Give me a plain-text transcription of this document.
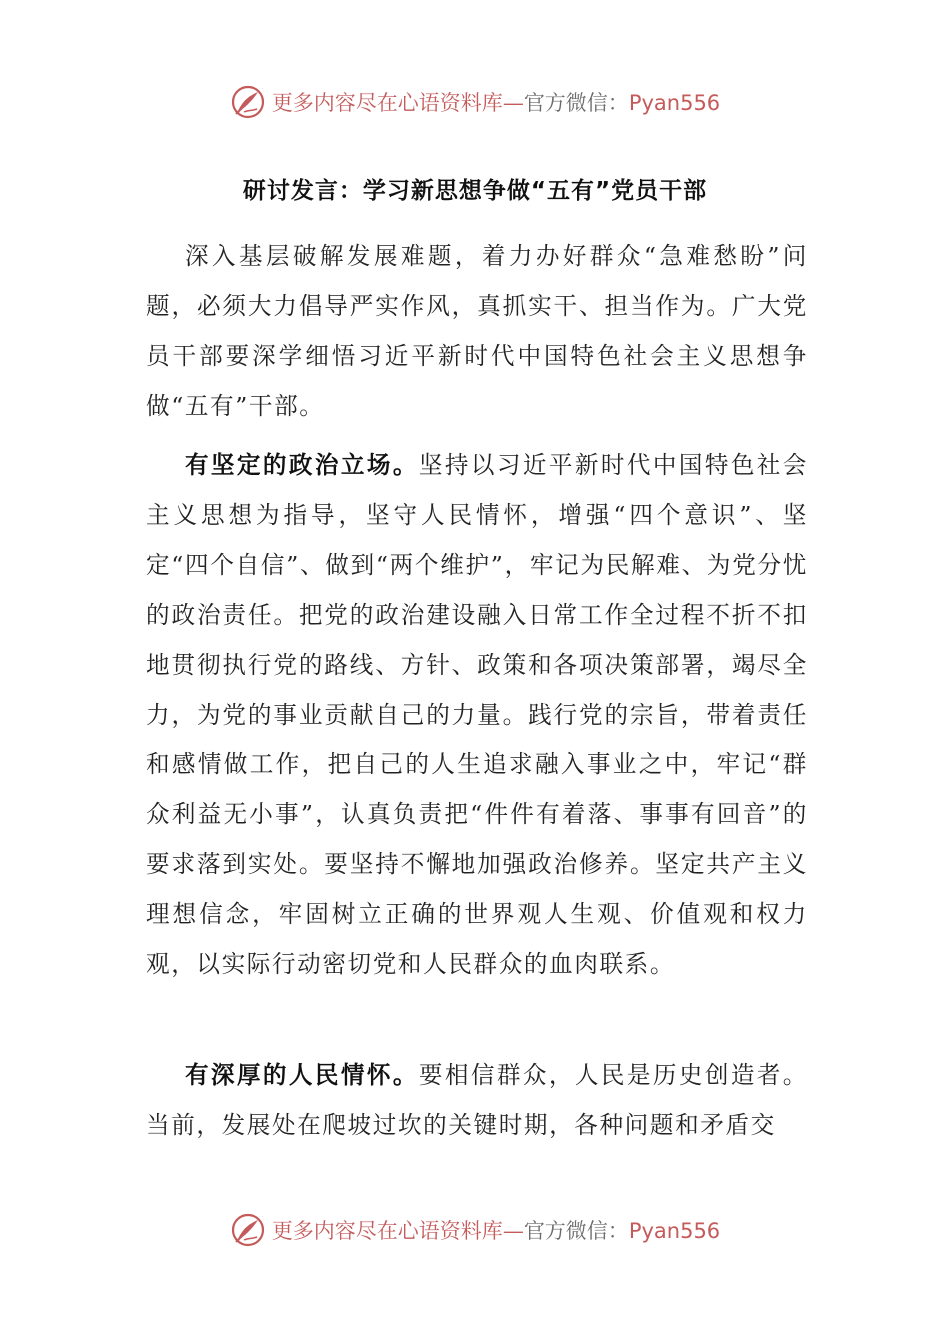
更多内容尽在心语资料库—官方微信：Pyan556
研讨发言：学习新思想争做“五有”党员干部

深入基层破解发展难题，着力办好群众“急难愁盼”问题，必须大力倡导严实作风，真抓实干、担当作为。广大党员干部要深学细悟习近平新时代中国特色社会主义思想争做“五有”干部。

有坚定的政治立场。坚持以习近平新时代中国特色社会主义思想为指导，坚守人民情怀，增强“四个意识”、坚定“四个自信”、做到“两个维护”，牢记为民解难、为党分忧的政治责任。把党的政治建设融入日常工作全过程不折不扣地贯彻执行党的路线、方针、政策和各项决策部署，竭尽全力，为党的事业贡献自己的力量。践行党的宗旨，带着责任和感情做工作，把自己的人生追求融入事业之中，牢记“群众利益无小事”，认真负责把“件件有着落、事事有回音”的要求落到实处。要坚持不懈地加强政治修养。坚定共产主义理想信念，牢固树立正确的世界观人生观、价值观和权力观，以实际行动密切党和人民群众的血肉联系。

有深厚的人民情怀。要相信群众，人民是历史创造者。当前，发展处在爬坡过坎的关键时期，各种问题和矛盾交

更多内容尽在心语资料库—官方微信：Pyan556
